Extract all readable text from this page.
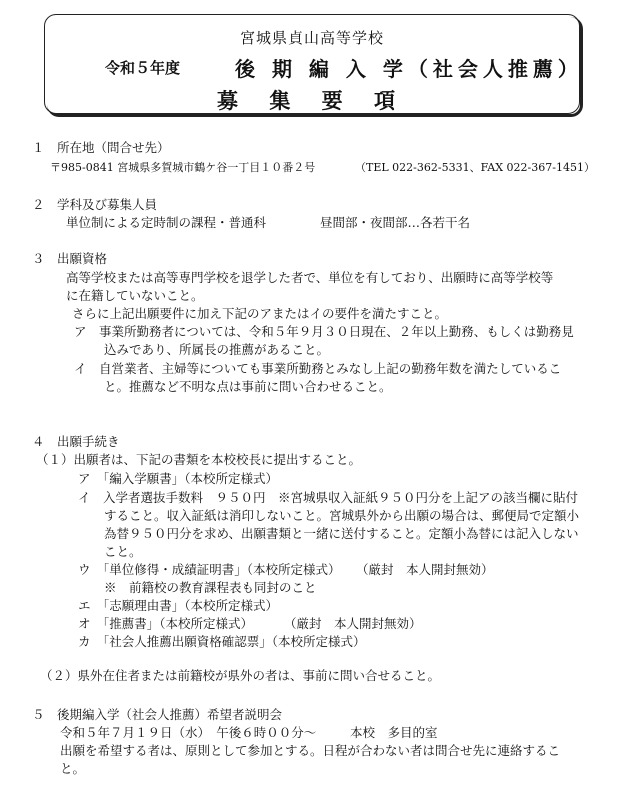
宮城県貞山高等学校
令和５年度	後 期 編 入 学（社会人推薦）
募 集 要 項
１　所在地（問合せ先）
〒985-0841 宮城県多賀城市鶴ケ谷一丁目１０番２号	（TEL 022-362-5331、FAX 022-367-1451）
２　学科及び募集人員
単位制による定時制の課程・普通科	昼間部・夜間部…各若干名
３　出願資格
高等学校または高等専門学校を退学した者で、単位を有しており、出願時に高等学校等
に在籍していないこと。
さらに上記出願要件に加え下記のアまたはイの要件を満たすこと。
ア　事業所勤務者については、令和５年９月３０日現在、２年以上勤務、もしくは勤務見
込みであり、所属長の推薦があること。
イ　自営業者、主婦等についても事業所勤務とみなし上記の勤務年数を満たしているこ
と。推薦など不明な点は事前に問い合わせること。
４　出願手続き
（１）出願者は、下記の書類を本校校長に提出すること。
ア　「編入学願書」（本校所定様式）
イ　入学者選抜手数料　９５０円　※宮城県収入証紙９５０円分を上記アの該当欄に貼付
すること。収入証紙は消印しないこと。宮城県外から出願の場合は、郵便局で定額小
為替９５０円分を求め、出願書類と一緒に送付すること。定額小為替には記入しない
こと。
ウ　「単位修得・成績証明書」（本校所定様式） （厳封　本人開封無効）
※　前籍校の教育課程表も同封のこと
エ　「志願理由書」（本校所定様式）
オ　「推薦書」（本校所定様式） （厳封　本人開封無効）
カ　「社会人推薦出願資格確認票」（本校所定様式）
（２）県外在住者または前籍校が県外の者は、事前に問い合せること。
５　後期編入学（社会人推薦）希望者説明会
令和５年７月１９日（水）　午後６時００分～	本校　多目的室
出願を希望する者は、原則として参加とする。日程が合わない者は問合せ先に連絡するこ
と。
